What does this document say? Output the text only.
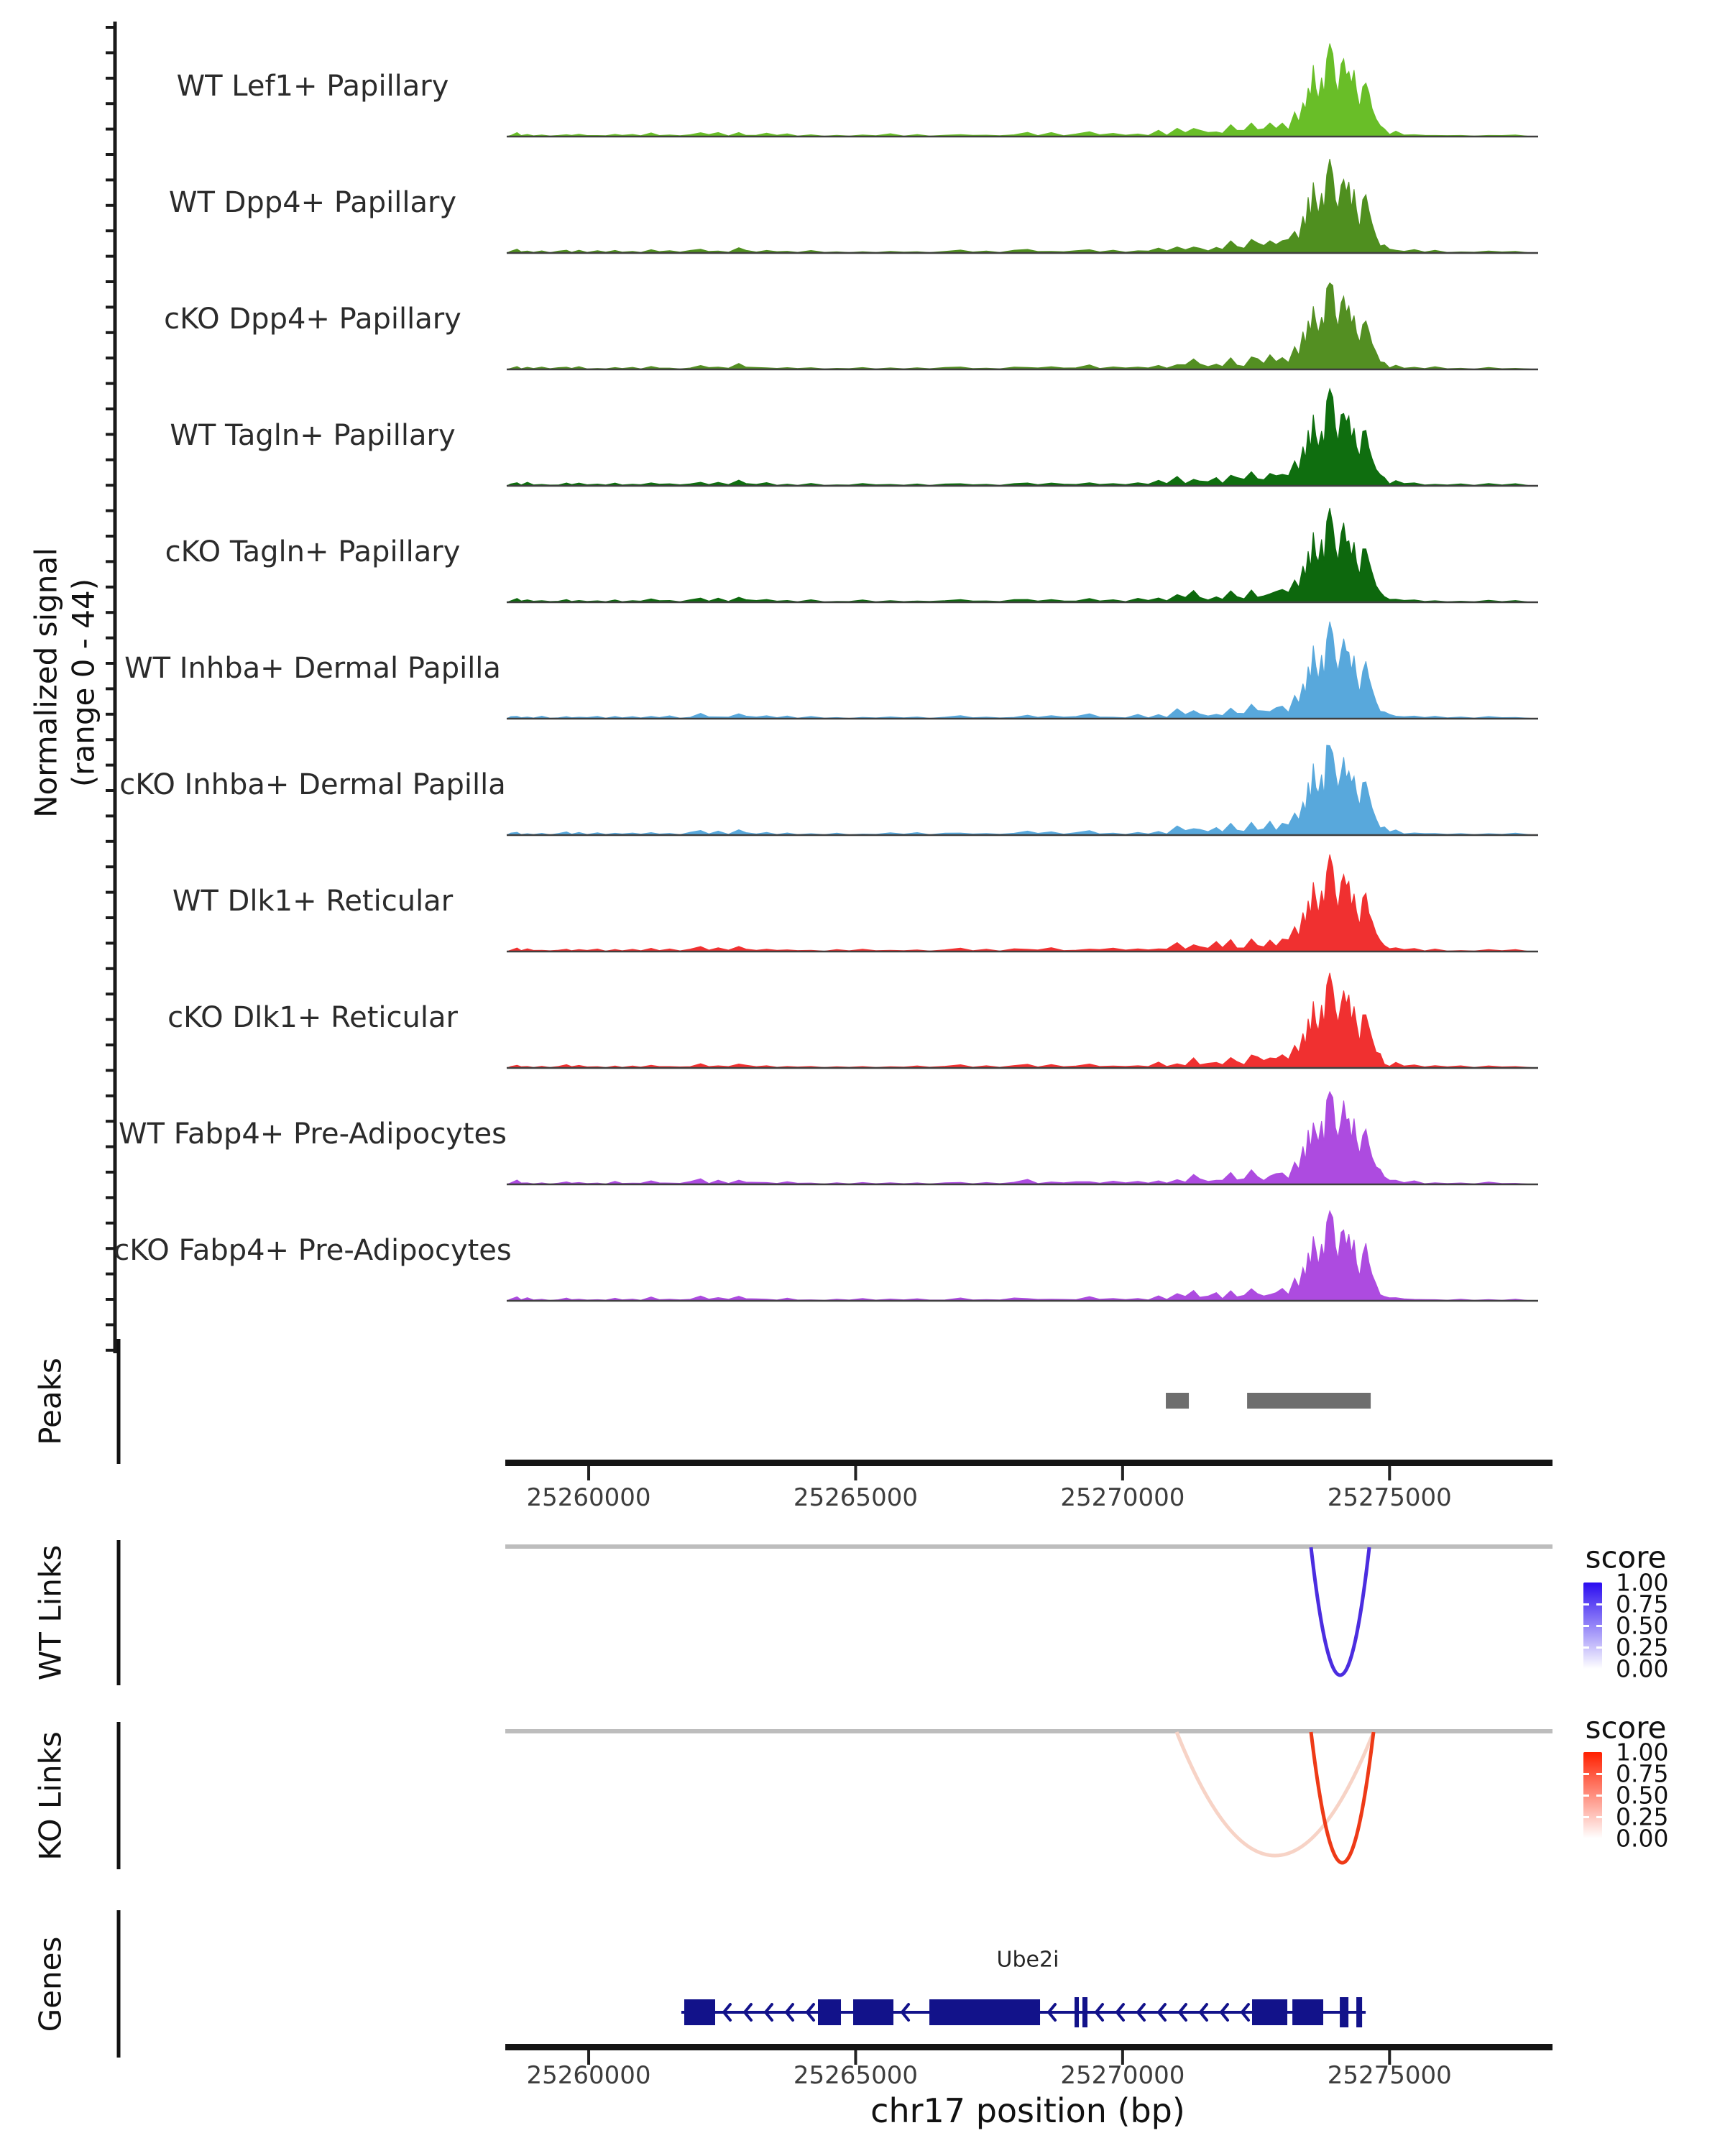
Normalized signal (range 0 - 44)
Peaks
WT Links
KO Links
Genes
score
score
Ube2i
chr17 position (bp)
WT Lef1+ Papillary
WT Dpp4+ Papillary
cKO Dpp4+ Papillary
WT Tagln+ Papillary
cKO Tagln+ Papillary
WT Inhba+ Dermal Papilla
cKO Inhba+ Dermal Papilla
WT Dlk1+ Reticular
cKO Dlk1+ Reticular
WT Fabp4+ Pre-Adipocytes
cKO Fabp4+ Pre-Adipocytes
25260000	25265000	25270000	25275000
25260000	25265000	25270000	25275000
1.00
0.75
0.50
0.25
0.00
1.00
0.75
0.50
0.25
0.00
